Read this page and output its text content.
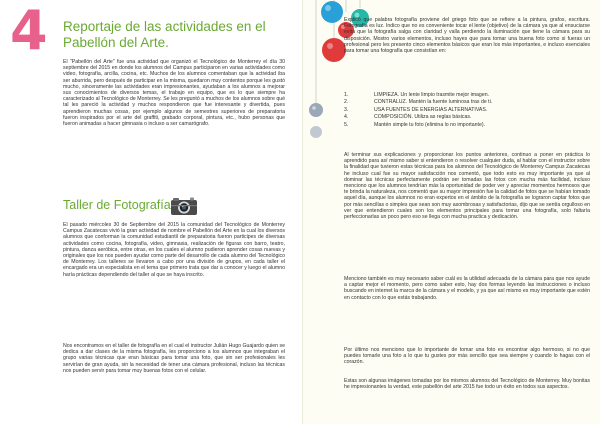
4 Reportaje de las actividades en el Pabellón del Arte.

El "Pabellón del Arte" fue una actividad que organizó el Tecnológico de Monterrey el día 30 septiembre del 2015 en donde los alumnos del Campus participaron en varias actividades como video, fotografía, arcilla, cocina, etc. Muchos de los alumnos comentaban que la actividad iba ser aburrida, pero después de participar en la misma, quedaron muy contentos porque les gustó mucho, sinceramente las actividades eran impresionantes, ayudaban a los alumnos a mejorar sus conocimientos de diversos temas, el trabajo en equipo, que es lo que siempre ha caracterizado al Tecnológico de Monterrey. Se les preguntó a muchos de los alumnos sobre qué tal les pareció la actividad y muchos respondieron que fue interesante y divertida, pues aprendieron muchas cosas, por ejemplo algunos de semestres superiores de preparatoria fueron inspirados por el arte del graffiti, grabado corporal, pintura, etc., hubo personas que fueron animadas a hacer gimnasia o incluso a ser camarógrafo.

Taller de Fotografía

El pasado miércoles 30 de Septiembre del 2015 la comunidad del Tecnológico de Monterrey Campus Zacatecas vivió la gran actividad de nombre el Pabellón del Arte en la cual los diversos alumnos que conforman la comunidad estudiantil de preparatoria fueron participes de diversas actividades como cocina, fotografía, video, gimnasia, realización de figuras con barro, teatro, pintura, danza aeróbica, entre otras, en los cuales el alumno pudieron aprender cosas nuevas y originales que los nos pueden ayudar como parte del desarrollo de cada alumno del Tecnológico de Monterrey. Los talleres se llevaron a cabo por una división de grupos, en cada taller el encargado era un especialista en el tema que primero trata que dar a conocer y luego el alumno haría prácticas dependiendo del taller al que se haya inscrito.

Nos encontramos en el taller de fotografía en el cual el instructor Julián Hugo Guajardo quien se dedica a dar clases de la misma fotografía, les proporciono a los alumnos que integraban el grupo varias técnicas que eran básicas para tomar una foto, que sin ser profesionales les servirían de gran ayuda, sin la necesidad de tener una cámara profesional, incluso las técnicas nos pueden servir para tomar muy buenas fotos con el celular.

Explicó que palabra fotografía proviene del griego foto que se refiere a la pintura, grafos, escritura. Fotografía es luz. Indico que no es conveniente tocar el lente (objetivo) de la cámara ya que al ensuciarse evita que la fotografía salga con claridad y valla perdiendo la iluminación que tiene la cámara para su disposición. Mostro varios elementos, incluso hayes que para tomar una buena foto como si fueras un profesional pero les presento cinco elementos básicos que eran los más importantes, e incluso esenciales para tomar una fotografía que consistían en:

1.	LIMPIEZA. Un lente limpio trasmite mejor imagen.
2.	CONTRALUZ. Mantén la fuente luminosa tras de ti.
3.	USA FUENTES DE ENERGIAS ALTERNATIVAS.
4.	COMPOSICIÓN. Utiliza as reglas básicas.
5.	Mantén simple tu foto (elimina lo no importante).

Al terminar sus explicaciones y proporcionar los puntos anteriores, continuo a poner en práctica lo aprendido para así mismo saber si entendieron o resolver cualquier duda, al hablar con el instructor sobre la finalidad que tuvieron estas técnicas para los alumnos del Tecnológico de Monterrey Campus Zacatecas he incluso cual fue su mayor satisfacción nos comentó, que todo esto es muy importante ya que al dominar las técnicas perfectamente podrán ser tomadas las fotos con mucha más facilidad, incluso menciono que los alumnos tendrían más la oportunidad de poder ver y apreciar momentos hermosos que te brinda la naturaleza, nos comentó que su mayor impresión fue la calidad de fotos que se habían tomado aquel día, aunque los alumnos no eran expertos en el ámbito de la fotografía se lograron captar fotos que por más sencillas o simples que sean son muy asombrosas y satisfactorias, dijo que se sentía orgulloso en ver que entendieron cuales son los elementos principales para tomar una fotografía, solo faltaría perfeccionarlas un poco pero eso se llega con mucha practica y dedicación.

Menciono también es muy necesario saber cuál es la utilidad adecuada de la cámara para que nos ayude a captar mejor el momento, pero como saber esto, hay dos formas leyendo las instrucciones o incluso buscando en internet la marca de la cámara y el modelo, y ya que así mismo es muy importante que estén en contacto con lo que estás trabajando.

Por último nos menciono que lo importante de tomar una foto es encontrar algo hermoso, si no que puedes tomarle una foto a lo que tu gustes por más sencillo que sea siempre y cuando lo hagas con el corazón.

Estas son algunas imágenes tomadas por los mismos alumnos del Tecnológico de Monterrey. Muy bonitas he impresionantes la verdad, este pabellón del arte 2015 fue todo un éxito en todos sus aspectos.
